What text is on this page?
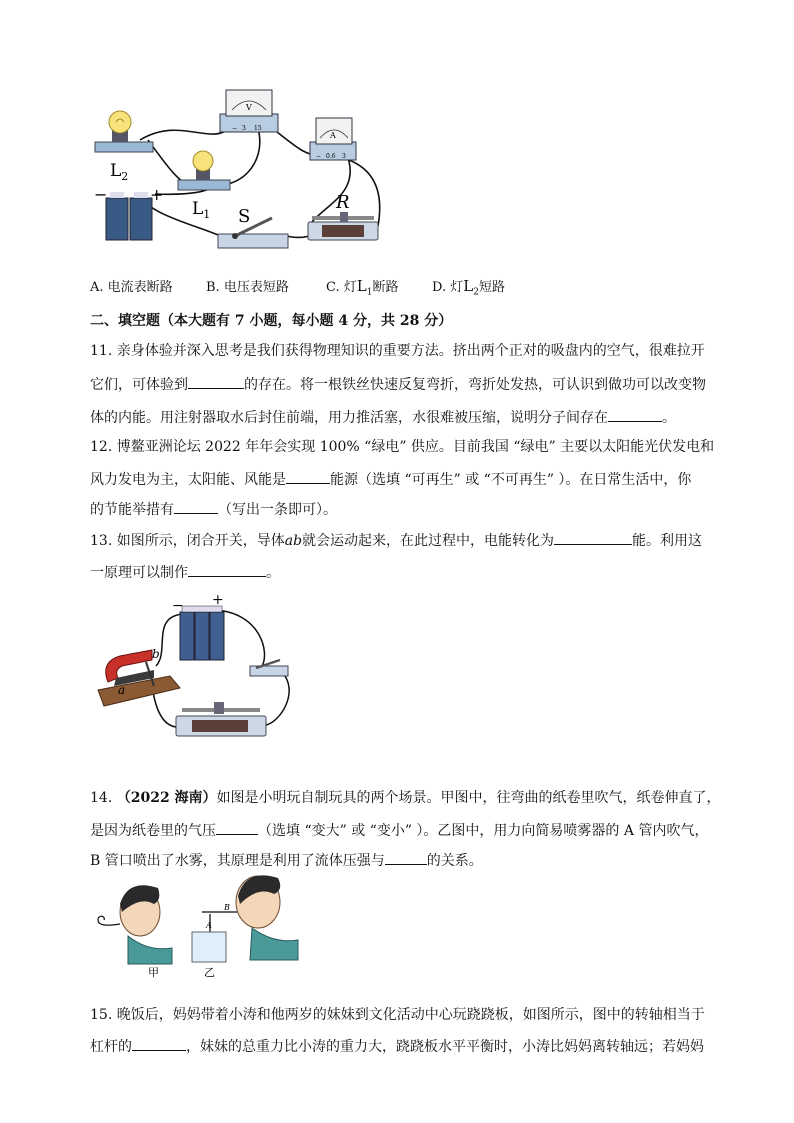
$L_2$
$L_1$
−	+
V
− 3 15
A
− 0.6 3
S
R
A. 电流表断路	B. 电压表短路	C. 灯$L_1$断路	D. 灯$L_2$短路
二、填空题（本大题有 7 小题，每小题 4 分，共 28 分）
11. 亲身体验并深入思考是我们获得物理知识的重要方法。挤出两个正对的吸盘内的空气，很难拉开
它们，可体验到	的存在。将一根铁丝快速反复弯折，弯折处发热，可认识到做功可以改变物
体的内能。用注射器取水后封住前端，用力推活塞，水很难被压缩，说明分子间存在	。
12. 博鳌亚洲论坛 2022 年年会实现 100% “绿电” 供应。目前我国 “绿电” 主要以太阳能光伏发电和
风力发电为主，太阳能、风能是	能源（选填 “可再生” 或 “不可再生” ）。在日常生活中，你
的节能举措有	（写出一条即可）。
13. 如图所示，闭合开关，导体ab就会运动起来，在此过程中，电能转化为	能。利用这
一原理可以制作	。
− +
b
a
14. （2022 海南）如图是小明玩自制玩具的两个场景。甲图中，往弯曲的纸卷里吹气，纸卷伸直了，
是因为纸卷里的气压	（选填 “变大” 或 “变小” ）。乙图中，用力向简易喷雾器的 A 管内吹气，
B 管口喷出了水雾，其原理是利用了流体压强与	的关系。
甲
B
A
乙
15. 晚饭后，妈妈带着小涛和他两岁的妹妹到文化活动中心玩跷跷板，如图所示，图中的转轴相当于
杠杆的	，妹妹的总重力比小涛的重力大，跷跷板水平平衡时，小涛比妈妈离转轴远；若妈妈
